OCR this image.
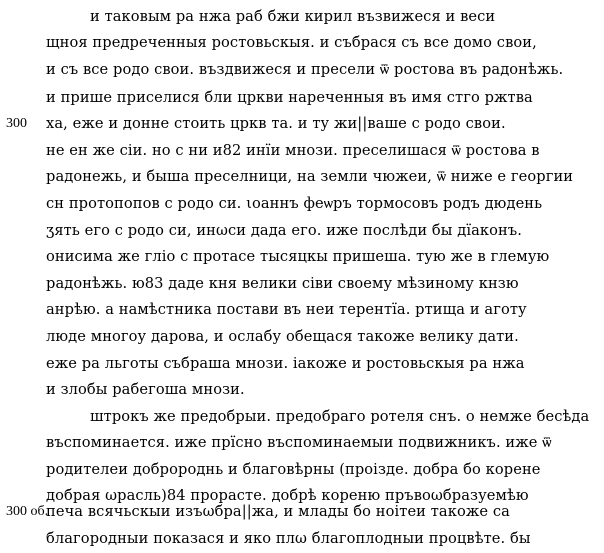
300
300 об.
и таковым ра нжа раб бжи кирил възвижеся и веси
щноя предреченныя ростовьскыя. и събрася съ все домо свои,
и съ все родо свои. въздвижеся и пресели ѿ ростова въ радонѣжь.
и прише приселися бли цркви нареченныя въ имя стго ржтва
ха, еже и донне стоить цркв та. и ту жи||ваше с родо свои.
не ен же сіи. но с ни и82 инїи мнози. преселишася ѿ ростова в
радонежь, и быша преселници, на земли чюжеи, ѿ ниже е георгии
сн протопопов с родо си. ιоаннъ феѡръ тормосовъ родъ дюдень
ʒять его с родо си, инωси дада его. иже послѣди бы дїаконъ.
онисима же гліо с протасе тысяцкы пришешa. тую же в глемую
радонѣжь. ю83 даде кня велики сіви своему мѣзиному кнзю
анрѣю. а намѣстника постави въ неи терентїa. ртища и аготу
люде многоу дарова, и ослабу обещася такоже велику дати.
еже ра льготы събраша мнози. іакоже и ростовьскыя ра нжа
и злобы рабегоша мнози.
штрокъ же предобрыи. предобраго ротеля снъ. о немже бесѣда
въспоминается. иже прїсно въспоминаемыи подвижникъ. иже ѿ
родителеи добророднь и благовѣрны (проіздe. добра бо корене
добрая ωрасль)84 прорасте. добрѣ кореню пръвоωбразуемѣю
печа всячьскыи изъωбра||жа, и млады бо ноітеи такоже са
благородныи показася и яко плω благоплодныи процвѣте. бы
